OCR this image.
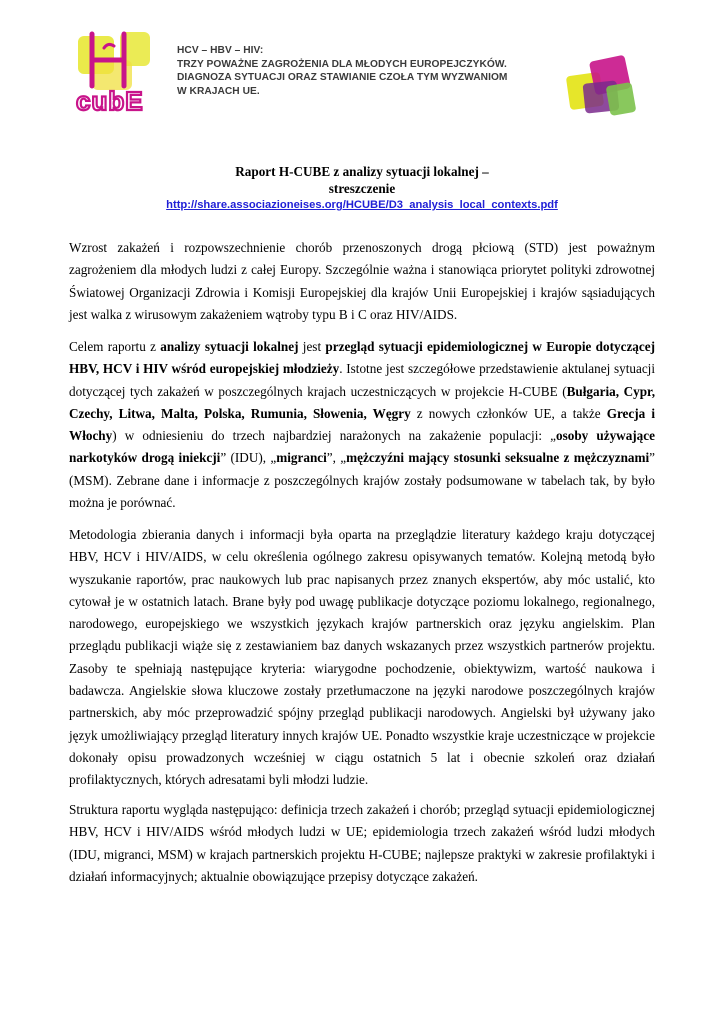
cubE
HCV – HBV – HIV:
TRZY POWAŻNE ZAGROŻENIA DLA MŁODYCH EUROPEJCZYKÓW.
DIAGNOZA SYTUACJI ORAZ STAWIANIE CZOŁA TYM WYZWANIOM
W KRAJACH UE.
Raport H-CUBE z analizy sytuacji lokalnej –
streszczenie
http://share.associazioneises.org/HCUBE/D3_analysis_local_contexts.pdf
Wzrost zakażeń i rozpowszechnienie chorób przenoszonych drogą płciową (STD) jest poważnym zagrożeniem dla młodych ludzi z całej Europy. Szczególnie ważna i stanowiąca priorytet polityki zdrowotnej Światowej Organizacji Zdrowia i Komisji Europejskiej dla krajów Unii Europejskiej i krajów sąsiadujących jest walka z wirusowym zakażeniem wątroby typu B i C oraz HIV/AIDS.
Celem raportu z analizy sytuacji lokalnej jest przegląd sytuacji epidemiologicznej w Europie dotyczącej HBV, HCV i HIV wśród europejskiej młodzieży. Istotne jest szczegółowe przedstawienie aktulanej sytuacji dotyczącej tych zakażeń w poszczególnych krajach uczestniczących w projekcie H-CUBE (Bułgaria, Cypr, Czechy, Litwa, Malta, Polska, Rumunia, Słowenia, Węgry z nowych członków UE, a także Grecja i Włochy) w odniesieniu do trzech najbardziej narażonych na zakażenie populacji: „osoby używające narkotyków drogą iniekcji” (IDU), „migranci”, „mężczyźni mający stosunki seksualne z mężczyznami” (MSM). Zebrane dane i informacje z poszczególnych krajów zostały podsumowane w tabelach tak, by było można je porównać.
Metodologia zbierania danych i informacji była oparta na przeglądzie literatury każdego kraju dotyczącej HBV, HCV i HIV/AIDS, w celu określenia ogólnego zakresu opisywanych tematów. Kolejną metodą było wyszukanie raportów, prac naukowych lub prac napisanych przez znanych ekspertów, aby móc ustalić, kto cytował je w ostatnich latach. Brane były pod uwagę publikacje dotyczące poziomu lokalnego, regionalnego, narodowego, europejskiego we wszystkich językach krajów partnerskich oraz języku angielskim. Plan przeglądu publikacji wiąże się z zestawianiem baz danych wskazanych przez wszystkich partnerów projektu. Zasoby te spełniają następujące kryteria: wiarygodne pochodzenie, obiektywizm, wartość naukowa i badawcza. Angielskie słowa kluczowe zostały przetłumaczone na języki narodowe poszczególnych krajów partnerskich, aby móc przeprowadzić spójny przegląd publikacji narodowych. Angielski był używany jako język umożliwiający przegląd literatury innych krajów UE. Ponadto wszystkie kraje uczestniczące w projekcie dokonały opisu prowadzonych wcześniej w ciągu ostatnich 5 lat i obecnie szkoleń oraz działań profilaktycznych, których adresatami byli młodzi ludzie.
Struktura raportu wygląda następująco: definicja trzech zakażeń i chorób; przegląd sytuacji epidemiologicznej HBV, HCV i HIV/AIDS wśród młodych ludzi w UE; epidemiologia trzech zakażeń wśród ludzi młodych (IDU, migranci, MSM) w krajach partnerskich projektu H-CUBE; najlepsze praktyki w zakresie profilaktyki i działań informacyjnych; aktualnie obowiązujące przepisy dotyczące zakażeń.
